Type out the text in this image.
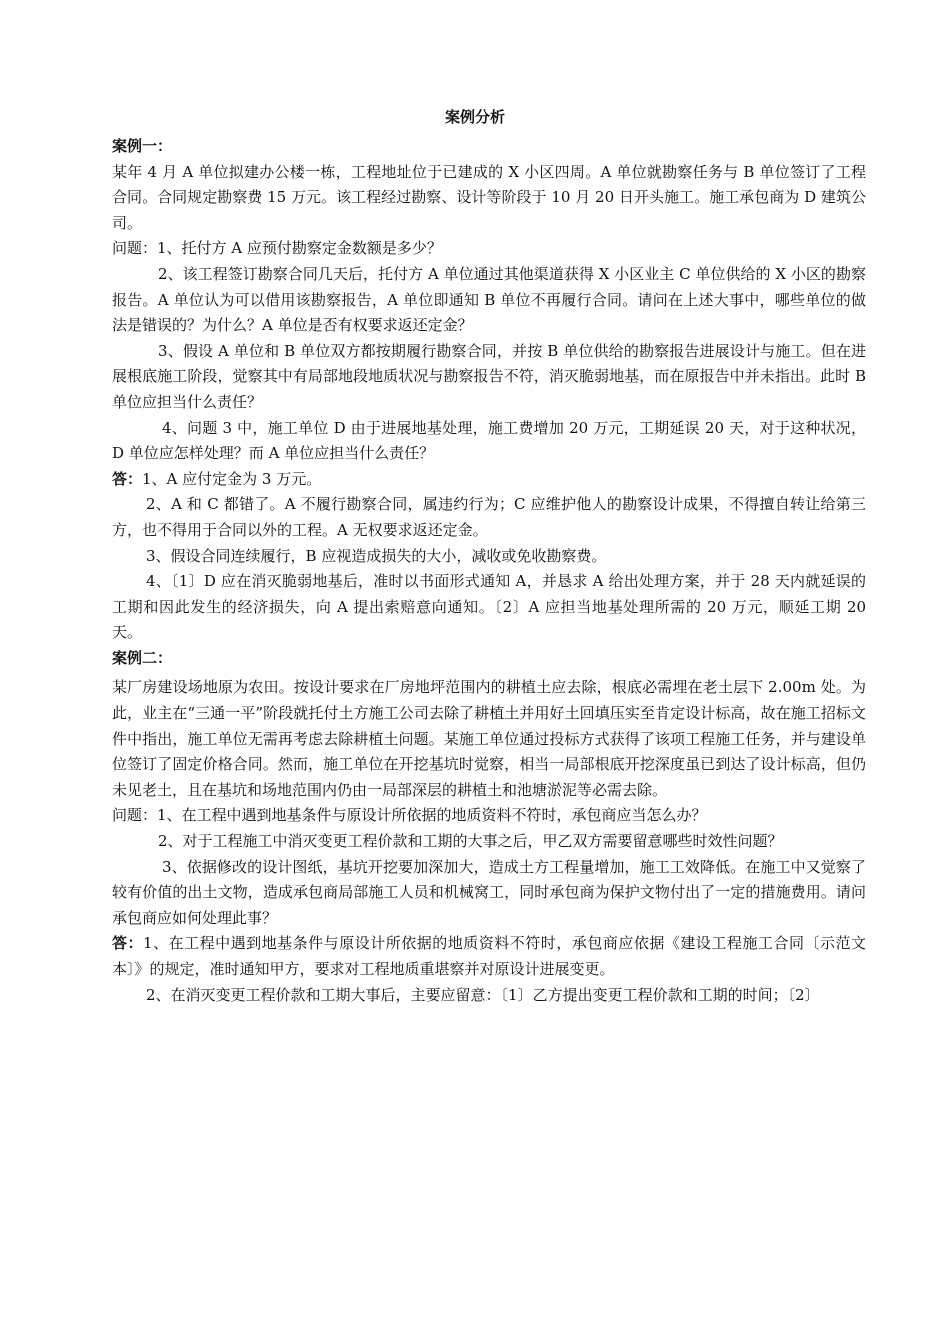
案例分析

案例一：

某年 4 月 A 单位拟建办公楼一栋，工程地址位于已建成的 X 小区四周。A 单位就勘察任务与 B 单位签订了工程合同。合同规定勘察费 15 万元。该工程经过勘察、设计等阶段于 10 月 20 日开头施工。施工承包商为 D 建筑公司。

问题：1、托付方 A 应预付勘察定金数额是多少？

2、该工程签订勘察合同几天后，托付方 A 单位通过其他渠道获得 X 小区业主 C 单位供给的 X 小区的勘察报告。A 单位认为可以借用该勘察报告，A 单位即通知 B 单位不再履行合同。请问在上述大事中，哪些单位的做法是错误的？为什么？A 单位是否有权要求返还定金？

3、假设 A 单位和 B 单位双方都按期履行勘察合同，并按 B 单位供给的勘察报告进展设计与施工。但在进展根底施工阶段，觉察其中有局部地段地质状况与勘察报告不符，消灭脆弱地基，而在原报告中并未指出。此时 B 单位应担当什么责任？

4、问题 3 中，施工单位 D 由于进展地基处理，施工费增加 20 万元，工期延误 20 天，对于这种状况，D 单位应怎样处理？而 A 单位应担当什么责任？

答：1、A 应付定金为 3 万元。

2、A 和 C 都错了。A 不履行勘察合同，属违约行为；C 应维护他人的勘察设计成果，不得擅自转让给第三方，也不得用于合同以外的工程。A 无权要求返还定金。

3、假设合同连续履行，B 应视造成损失的大小，减收或免收勘察费。

4、〔1〕D 应在消灭脆弱地基后，准时以书面形式通知 A，并恳求 A 给出处理方案，并于 28 天内就延误的工期和因此发生的经济损失，向 A 提出索赔意向通知。〔2〕A 应担当地基处理所需的 20 万元，顺延工期 20 天。

案例二：

某厂房建设场地原为农田。按设计要求在厂房地坪范围内的耕植土应去除，根底必需埋在老土层下 2.00m 处。为此，业主在“三通一平”阶段就托付土方施工公司去除了耕植土并用好土回填压实至肯定设计标高，故在施工招标文件中指出，施工单位无需再考虑去除耕植土问题。某施工单位通过投标方式获得了该项工程施工任务，并与建设单位签订了固定价格合同。然而，施工单位在开挖基坑时觉察，相当一局部根底开挖深度虽已到达了设计标高，但仍未见老土，且在基坑和场地范围内仍由一局部深层的耕植土和池塘淤泥等必需去除。

问题：1、在工程中遇到地基条件与原设计所依据的地质资料不符时，承包商应当怎么办？

2、对于工程施工中消灭变更工程价款和工期的大事之后，甲乙双方需要留意哪些时效性问题？

3、依据修改的设计图纸，基坑开挖要加深加大，造成土方工程量增加，施工工效降低。在施工中又觉察了较有价值的出土文物，造成承包商局部施工人员和机械窝工，同时承包商为保护文物付出了一定的措施费用。请问承包商应如何处理此事？

答：1、在工程中遇到地基条件与原设计所依据的地质资料不符时，承包商应依据《建设工程施工合同〔示范文本〕》的规定，准时通知甲方，要求对工程地质重堪察并对原设计进展变更。

2、在消灭变更工程价款和工期大事后，主要应留意：〔1〕乙方提出变更工程价款和工期的时间；〔2〕
